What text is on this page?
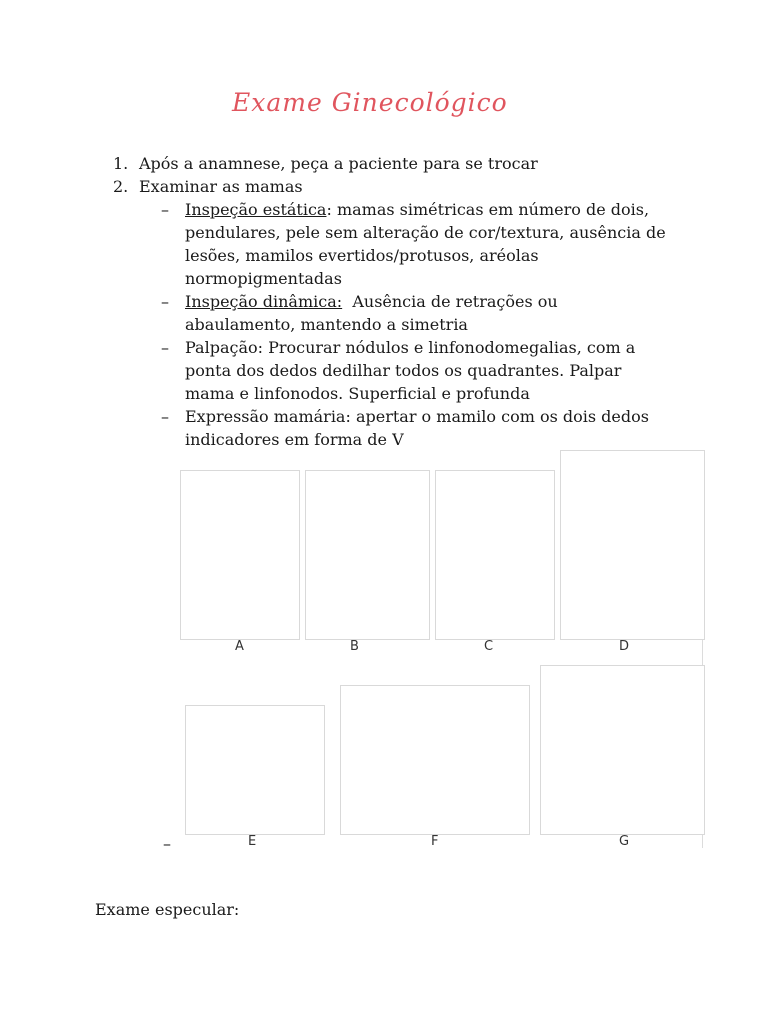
Exame Ginecológico
1. Após a anamnese, peça a paciente para se trocar
2. Examinar as mamas
– Inspeção estática: mamas simétricas em número de dois,
pendulares, pele sem alteração de cor/textura, ausência de
lesões, mamilos evertidos/protusos, aréolas
normopigmentadas
– Inspeção dinâmica:  Ausência de retrações ou
abaulamento, mantendo a simetria
– Palpação: Procurar nódulos e linfonodomegalias, com a
ponta dos dedos dedilhar todos os quadrantes. Palpar
mama e linfonodos. Superficial e profunda
– Expressão mamária: apertar o mamilo com os dois dedos
indicadores em forma de V
A	B	C	D
E	F	G
–
Exame especular:
